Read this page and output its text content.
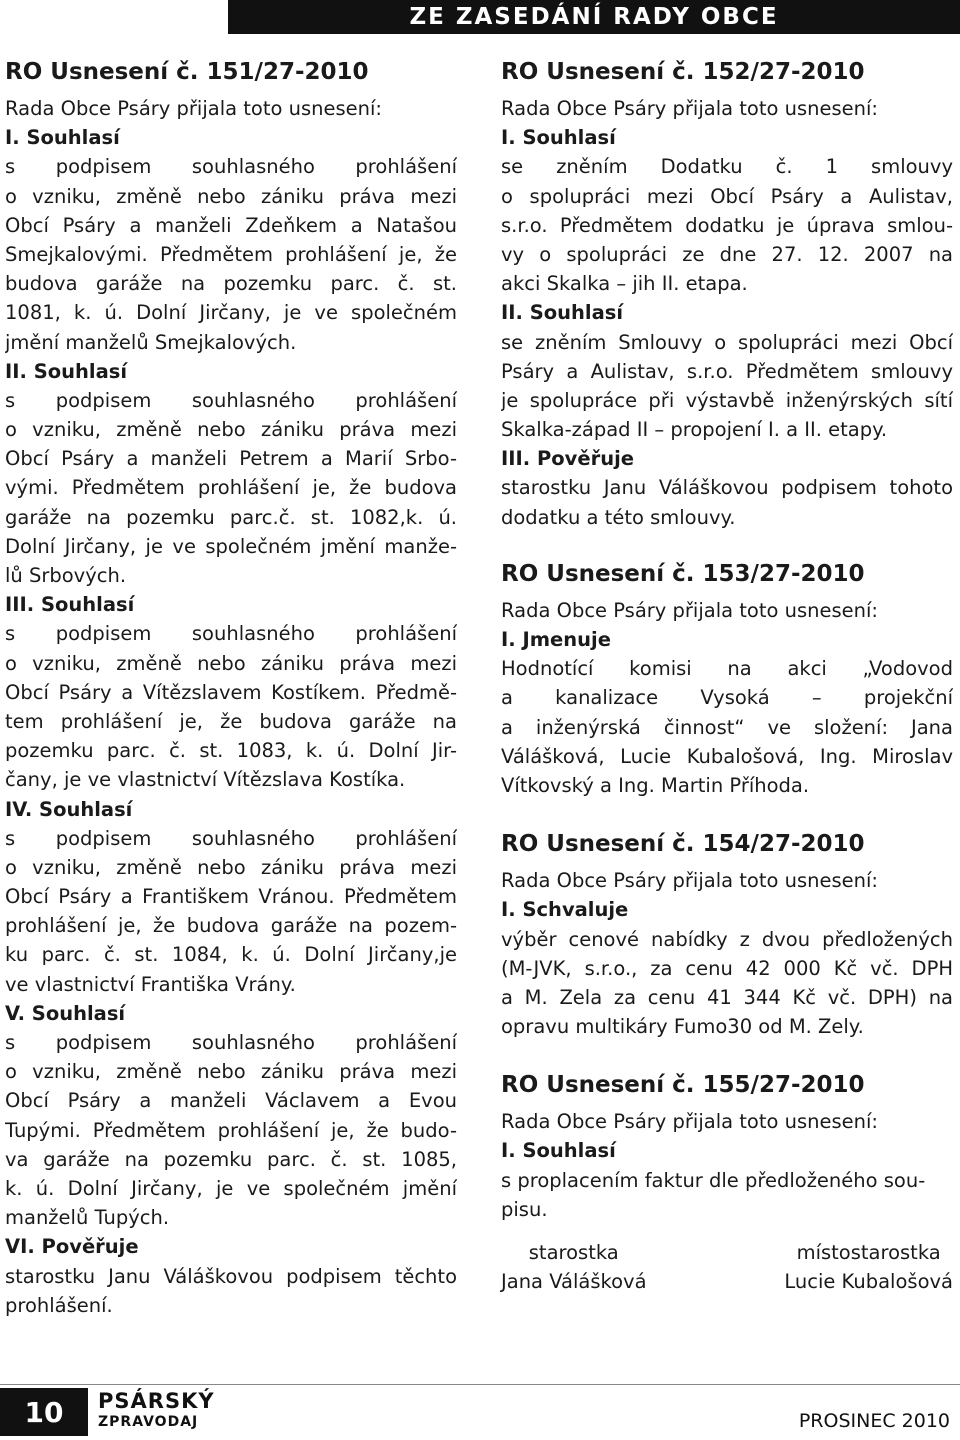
ZE ZASEDÁNÍ RADY OBCE
RO Usnesení č. 151/27-2010
Rada Obce Psáry přijala toto usnesení:
I. Souhlasí
s podpisem souhlasného prohlášení
o vzniku, změně nebo zániku práva mezi
Obcí Psáry a manželi Zdeňkem a Natašou
Smejkalovými. Předmětem prohlášení je, že
budova garáže na pozemku parc. č. st.
1081, k. ú. Dolní Jirčany, je ve společném
jmění manželů Smejkalových.
II. Souhlasí
s podpisem souhlasného prohlášení
o vzniku, změně nebo zániku práva mezi
Obcí Psáry a manželi Petrem a Marií Srbo-
vými. Předmětem prohlášení je, že budova
garáže na pozemku parc.č. st. 1082,k. ú.
Dolní Jirčany, je ve společném jmění manže-
lů Srbových.
III. Souhlasí
s podpisem souhlasného prohlášení
o vzniku, změně nebo zániku práva mezi
Obcí Psáry a Vítězslavem Kostíkem. Předmě-
tem prohlášení je, že budova garáže na
pozemku parc. č. st. 1083, k. ú. Dolní Jir-
čany, je ve vlastnictví Vítězslava Kostíka.
IV. Souhlasí
s podpisem souhlasného prohlášení
o vzniku, změně nebo zániku práva mezi
Obcí Psáry a Františkem Vránou. Předmětem
prohlášení je, že budova garáže na pozem-
ku parc. č. st. 1084, k. ú. Dolní Jirčany,je
ve vlastnictví Františka Vrány.
V. Souhlasí
s podpisem souhlasného prohlášení
o vzniku, změně nebo zániku práva mezi
Obcí Psáry a manželi Václavem a Evou
Tupými. Předmětem prohlášení je, že budo-
va garáže na pozemku parc. č. st. 1085,
k. ú. Dolní Jirčany, je ve společném jmění
manželů Tupých.
VI. Pověřuje
starostku Janu Váláškovou podpisem těchto
prohlášení.
RO Usnesení č. 152/27-2010
Rada Obce Psáry přijala toto usnesení:
I. Souhlasí
se zněním Dodatku č. 1 smlouvy
o spolupráci mezi Obcí Psáry a Aulistav,
s.r.o. Předmětem dodatku je úprava smlou-
vy o spolupráci ze dne 27. 12. 2007 na
akci Skalka – jih II. etapa.
II. Souhlasí
se zněním Smlouvy o spolupráci mezi Obcí
Psáry a Aulistav, s.r.o. Předmětem smlouvy
je spolupráce při výstavbě inženýrských sítí
Skalka-západ II – propojení I. a II. etapy.
III. Pověřuje
starostku Janu Váláškovou podpisem tohoto
dodatku a této smlouvy.
RO Usnesení č. 153/27-2010
Rada Obce Psáry přijala toto usnesení:
I. Jmenuje
Hodnotící komisi na akci „Vodovod
a kanalizace Vysoká – projekční
a inženýrská činnost“ ve složení: Jana
Válášková, Lucie Kubalošová, Ing. Miroslav
Vítkovský a Ing. Martin Příhoda.
RO Usnesení č. 154/27-2010
Rada Obce Psáry přijala toto usnesení:
I. Schvaluje
výběr cenové nabídky z dvou předložených
(M-JVK, s.r.o., za cenu 42 000 Kč vč. DPH
a M. Zela za cenu 41 344 Kč vč. DPH) na
opravu multikáry Fumo30 od M. Zely.
RO Usnesení č. 155/27-2010
Rada Obce Psáry přijala toto usnesení:
I. Souhlasí
s proplacením faktur dle předloženého sou-
pisu.
starostka
Jana Válášková
místostarostka
Lucie Kubalošová
10	PSÁRSKÝ
ZPRAVODAJ	PROSINEC 2010
